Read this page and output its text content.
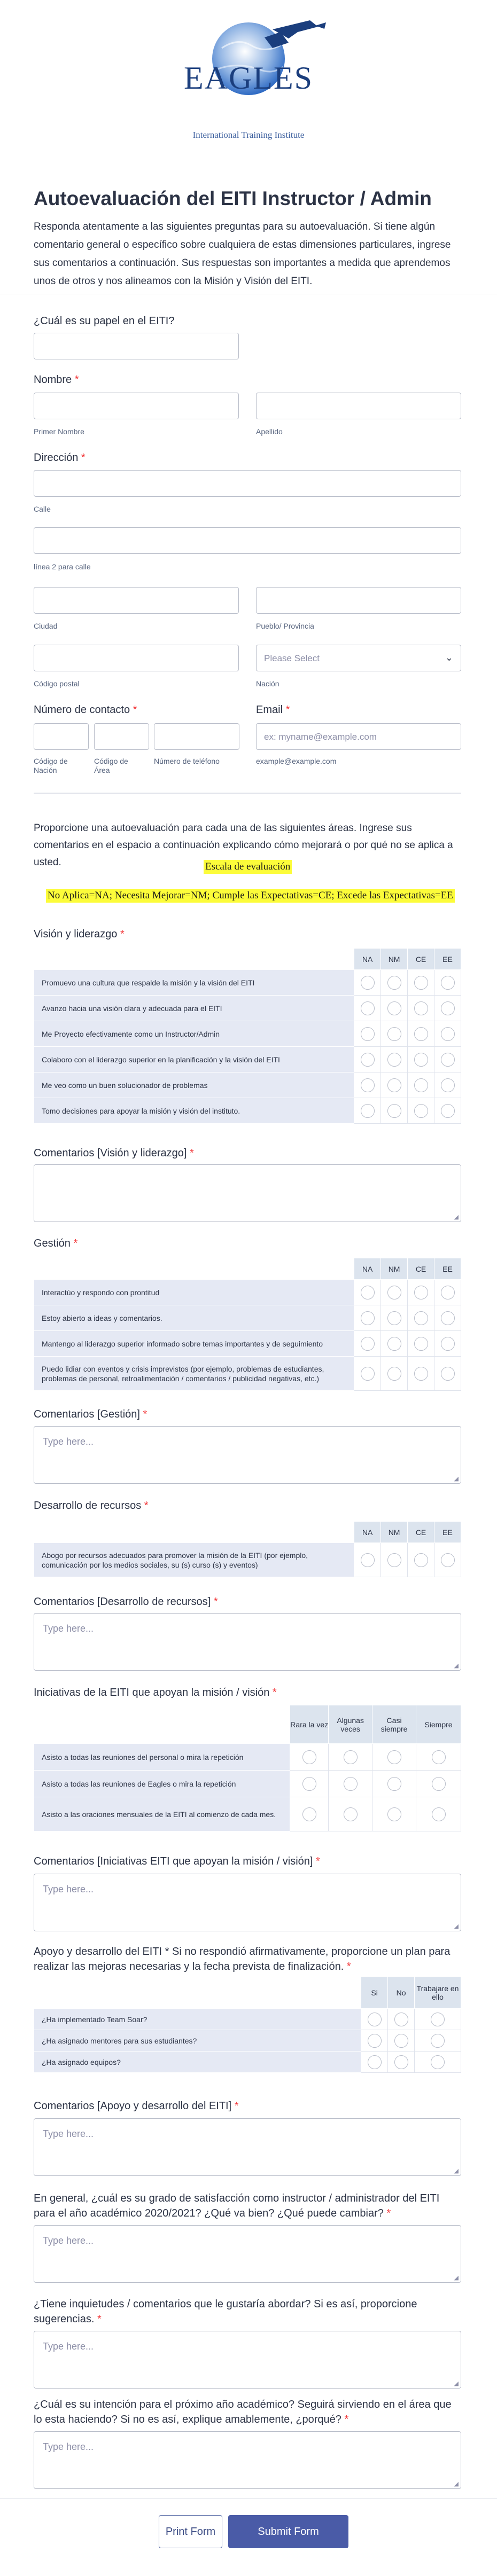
EAGLES
International Training Institute
Autoevaluación del EITI Instructor / Admin
Responda atentamente a las siguientes preguntas para su autoevaluación. Si tiene algún comentario general o específico sobre cualquiera de estas dimensiones particulares, ingrese sus comentarios a continuación. Sus respuestas son importantes a medida que aprendemos unos de otros y nos alineamos con la Misión y Visión del EITI.
¿Cuál es su papel en el EITI?
Nombre *
Primer Nombre	Apellido
Dirección *
Calle
línea 2 para calle
Ciudad	Pueblo/ Provincia
Código postal
Please Select	⌄
Nación
Número de contacto *
Código de Nación
Código de Área
Número de teléfono
Email *
ex: myname@example.com
example@example.com
Proporcione una autoevaluación para cada una de las siguientes áreas. Ingrese sus comentarios en el espacio a continuación explicando cómo mejorará o por qué no se aplica a usted.	Escala de evaluación
No Aplica=NA; Necesita Mejorar=NM; Cumple las Expectativas=CE; Excede las Expectativas=EE
Visión y liderazgo *
	NA	NM	CE	EE
Promuevo una cultura que respalde la misión y la visión del EITI				
Avanzo hacia una visión clara y adecuada para el EITI				
Me Proyecto efectivamente como un Instructor/Admin				
Colaboro con el liderazgo superior en la planificación y la visión del EITI				
Me veo como un buen solucionador de problemas				
Tomo decisiones para apoyar la misión y visión del instituto.				
Comentarios [Visión y liderazgo] *
◢
Gestión *
	NA	NM	CE	EE
Interactúo y respondo con prontitud				
Estoy abierto a ideas y comentarios.				
Mantengo al liderazgo superior informado sobre temas importantes y de seguimiento				
Puedo lidiar con eventos y crisis imprevistos (por ejemplo, problemas de estudiantes, problemas de personal, retroalimentación / comentarios / publicidad negativas, etc.)				
Comentarios [Gestión] *
Type here...
◢
Desarrollo de recursos *
	NA	NM	CE	EE
Abogo por recursos adecuados para promover la misión de la EITI (por ejemplo, comunicación por los medios sociales, su (s) curso (s) y eventos)				
Comentarios [Desarrollo de recursos] *
Type here...
◢
Iniciativas de la EITI que apoyan la misión / visión *
	Rara la vez	Algunas veces	Casi siempre	Siempre
Asisto a todas las reuniones del personal o mira la repetición				
Asisto a todas las reuniones de Eagles o mira la repetición				
Asisto a las oraciones mensuales de la EITI al comienzo de cada mes.				
Comentarios [Iniciativas EITI que apoyan la misión / visión] *
Type here...
◢
Apoyo y desarrollo del EITI * Si no respondió afirmativamente, proporcione un plan para realizar las mejoras necesarias y la fecha prevista de finalización. *
	Si	No	Trabajare en ello
¿Ha implementado Team Soar?			
¿Ha asignado mentores para sus estudiantes?			
¿Ha asignado equipos?			
Comentarios [Apoyo y desarrollo del EITI] *
Type here...
◢
En general, ¿cuál es su grado de satisfacción como instructor / administrador del EITI para el año académico 2020/2021? ¿Qué va bien? ¿Qué puede cambiar? *
Type here...
◢
¿Tiene inquietudes / comentarios que le gustaría abordar? Si es así, proporcione sugerencias. *
Type here...
◢
¿Cuál es su intención para el próximo año académico? Seguirá sirviendo en el área que lo esta haciendo? Si no es así, explique amablemente, ¿porqué? *
Type here...
◢
Print Form	Submit Form
